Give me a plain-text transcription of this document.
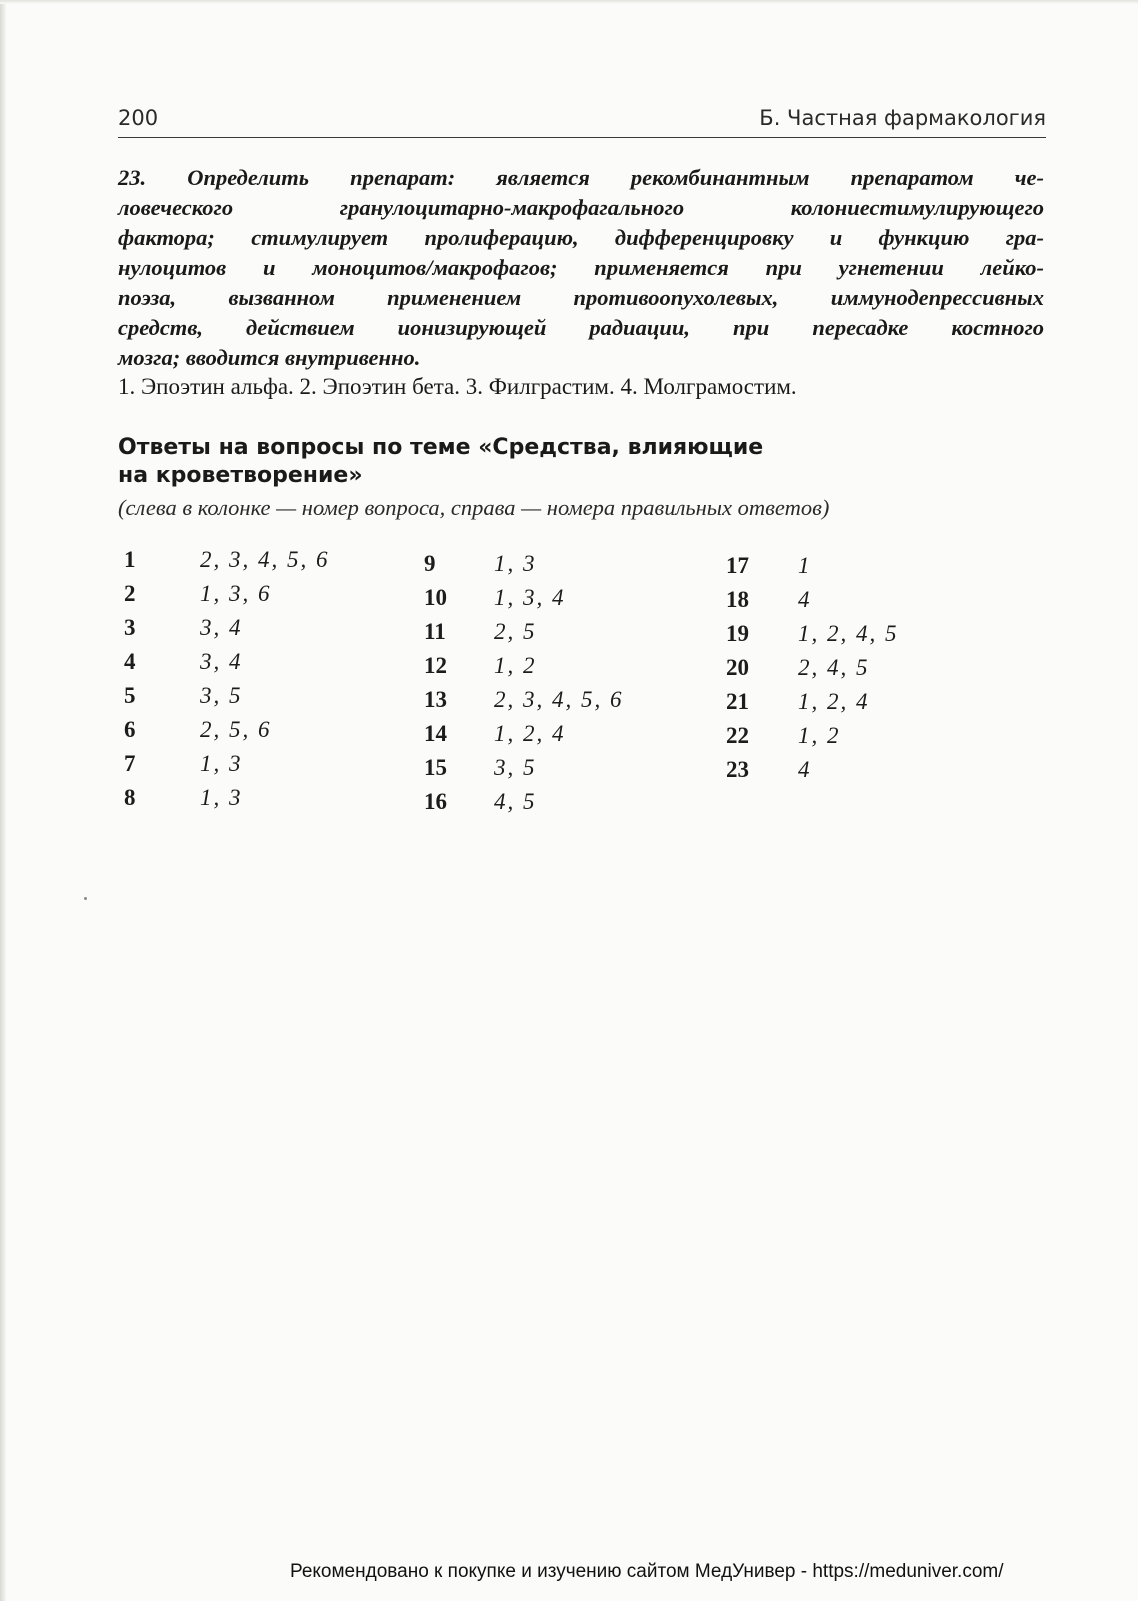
200	Б. Частная фармакология
23. Определить препарат: является рекомбинантным препаратом че-
ловеческого гранулоцитарно-макрофагального колониестимулирующего
фактора; стимулирует пролиферацию, дифференцировку и функцию гра-
нулоцитов и моноцитов/макрофагов; применяется при угнетении лейко-
поэза, вызванном применением противоопухолевых, иммунодепрессивных
средств, действием ионизирующей радиации, при пересадке костного
мозга; вводится внутривенно.
1. Эпоэтин альфа. 2. Эпоэтин бета. 3. Филграстим. 4. Молграмостим.
Ответы на вопросы по теме «Средства, влияющие
на кроветворение»
(слева в колонке — номер вопроса, справа — номера правильных ответов)
1	2, 3, 4, 5, 6
2	1, 3, 6
3	3, 4
4	3, 4
5	3, 5
6	2, 5, 6
7	1, 3
8	1, 3
9	1, 3
10 1, 3, 4
11 2, 5
12 1, 2
13 2, 3, 4, 5, 6
14 1, 2, 4
15 3, 5
16 4, 5
17 1
18 4
19 1, 2, 4, 5
20 2, 4, 5
21 1, 2, 4
22 1, 2
23 4
Рекомендовано к покупке и изучению сайтом МедУнивер - https://meduniver.com/
